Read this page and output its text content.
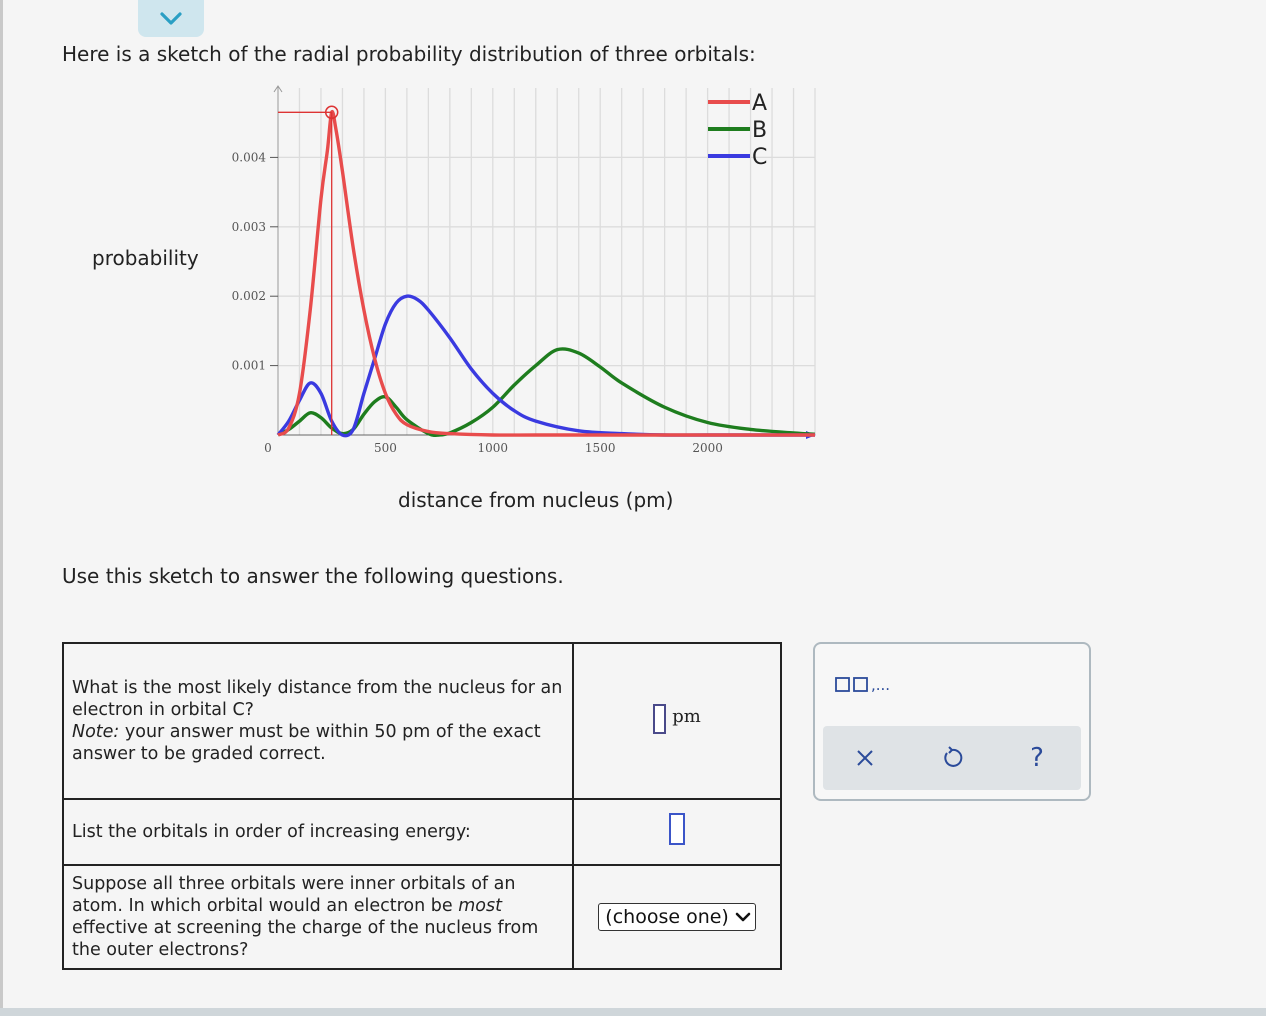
Here is a sketch of the radial probability distribution of three orbitals:
probability
0.001
0.002
0.003
0.004
0	500	1000	1500	2000
A
B
C
distance from nucleus (pm)
Use this sketch to answer the following questions.
What is the most likely distance from the nucleus for an electron in orbital C?
Note: your answer must be within 50 pm of the exact answer to be graded correct.	pm
List the orbitals in order of increasing energy:	
Suppose all three orbitals were inner orbitals of an atom. In which orbital would an electron be most effective at screening the charge of the nucleus from the outer electrons?	(choose one)
,...
?
